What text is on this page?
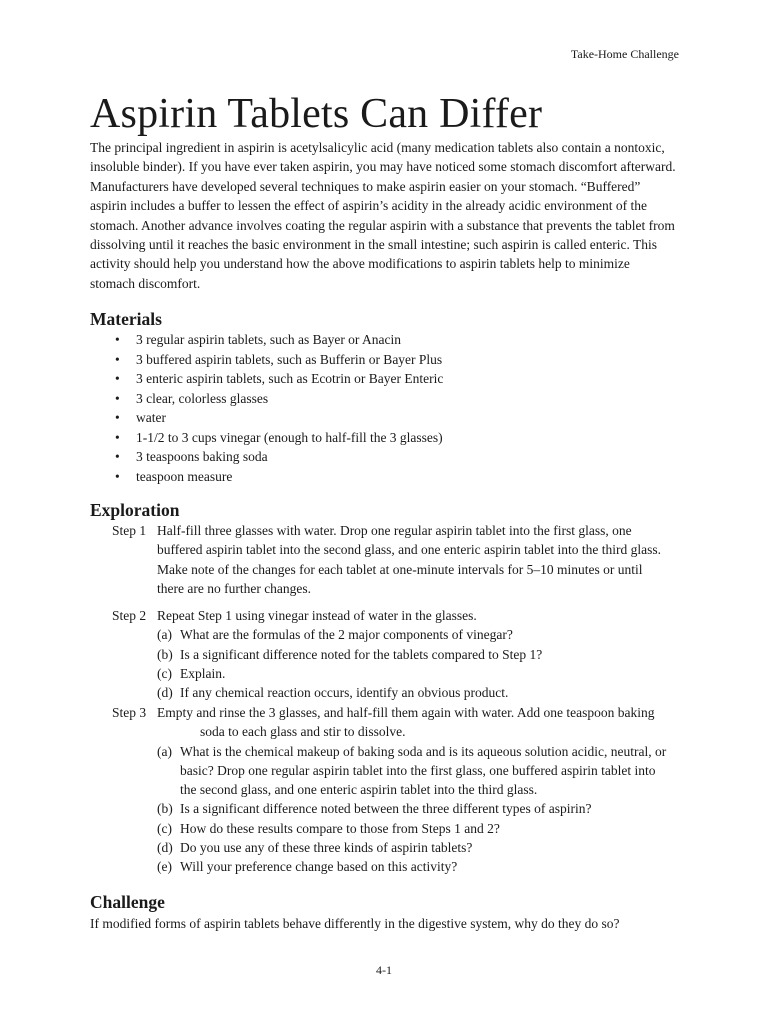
Take-Home Challenge
Aspirin Tablets Can Differ

The principal ingredient in aspirin is acetylsalicylic acid (many medication tablets also contain a nontoxic, insoluble binder). If you have ever taken aspirin, you may have noticed some stomach discomfort afterward. Manufacturers have developed several techniques to make aspirin easier on your stomach. “Buffered” aspirin includes a buffer to lessen the effect of aspirin’s acidity in the already acidic environment of the stomach. Another advance involves coating the regular aspirin with a substance that prevents the tablet from dissolving until it reaches the basic environment in the small intestine; such aspirin is called enteric. This activity should help you understand how the above modifications to aspirin tablets help to minimize stomach discomfort.

Materials
• 3 regular aspirin tablets, such as Bayer or Anacin
• 3 buffered aspirin tablets, such as Bufferin or Bayer Plus
• 3 enteric aspirin tablets, such as Ecotrin or Bayer Enteric
• 3 clear, colorless glasses
• water
• 1-1/2 to 3 cups vinegar (enough to half-fill the 3 glasses)
• 3 teaspoons baking soda
• teaspoon measure
Exploration
Step 1 Half-fill three glasses with water. Drop one regular aspirin tablet into the first glass, one buffered aspirin tablet into the second glass, and one enteric aspirin tablet into the third glass. Make note of the changes for each tablet at one-minute intervals for 5–10 minutes or until there are no further changes.

Step 2 Repeat Step 1 using vinegar instead of water in the glasses.

(a) What are the formulas of the 2 major components of vinegar?

(b) Is a significant difference noted for the tablets compared to Step 1?

(c) Explain.

(d) If any chemical reaction occurs, identify an obvious product.

Step 3 Empty and rinse the 3 glasses, and half-fill them again with water. Add one teaspoon baking soda to each glass and stir to dissolve.

(a) What is the chemical makeup of baking soda and is its aqueous solution acidic, neutral, or basic? Drop one regular aspirin tablet into the first glass, one buffered aspirin tablet into the second glass, and one enteric aspirin tablet into the third glass.

(b) Is a significant difference noted between the three different types of aspirin?

(c) How do these results compare to those from Steps 1 and 2?

(d) Do you use any of these three kinds of aspirin tablets?

(e) Will your preference change based on this activity?

Challenge

If modified forms of aspirin tablets behave differently in the digestive system, why do they do so?

4-1
